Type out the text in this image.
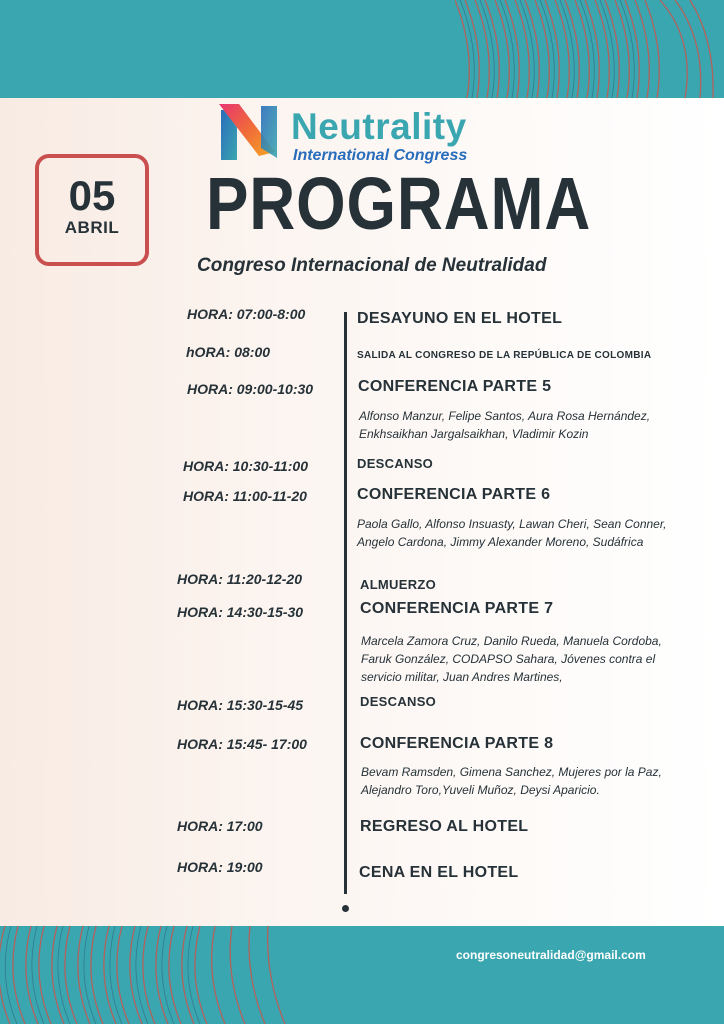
Neutrality
International Congress
05
ABRIL	PROGRAMA
Congreso Internacional de Neutralidad
HORA: 07:00-8:00	DESAYUNO EN EL HOTEL
hORA: 08:00	SALIDA AL CONGRESO DE LA REPÚBLICA DE COLOMBIA
HORA: 09:00-10:30	CONFERENCIA PARTE 5
Alfonso Manzur, Felipe Santos, Aura Rosa Hernández,
Enkhsaikhan Jargalsaikhan, Vladimir Kozin
HORA: 10:30-11:00	DESCANSO
HORA: 11:00-11-20	CONFERENCIA PARTE 6
Paola Gallo, Alfonso Insuasty, Lawan Cheri, Sean Conner,
Angelo Cardona, Jimmy Alexander Moreno, Sudáfrica
HORA: 11:20-12-20	ALMUERZO
HORA: 14:30-15-30	CONFERENCIA PARTE 7
Marcela Zamora Cruz, Danilo Rueda, Manuela Cordoba,
Faruk González, CODAPSO Sahara, Jóvenes contra el
servicio militar, Juan Andres Martines,
HORA: 15:30-15-45	DESCANSO
HORA: 15:45- 17:00	CONFERENCIA PARTE 8
Bevam Ramsden, Gimena Sanchez, Mujeres por la Paz,
Alejandro Toro,Yuveli Muñoz, Deysi Aparicio.
HORA: 17:00	REGRESO AL HOTEL
HORA: 19:00	CENA EN EL HOTEL
congresoneutralidad@gmail.com
